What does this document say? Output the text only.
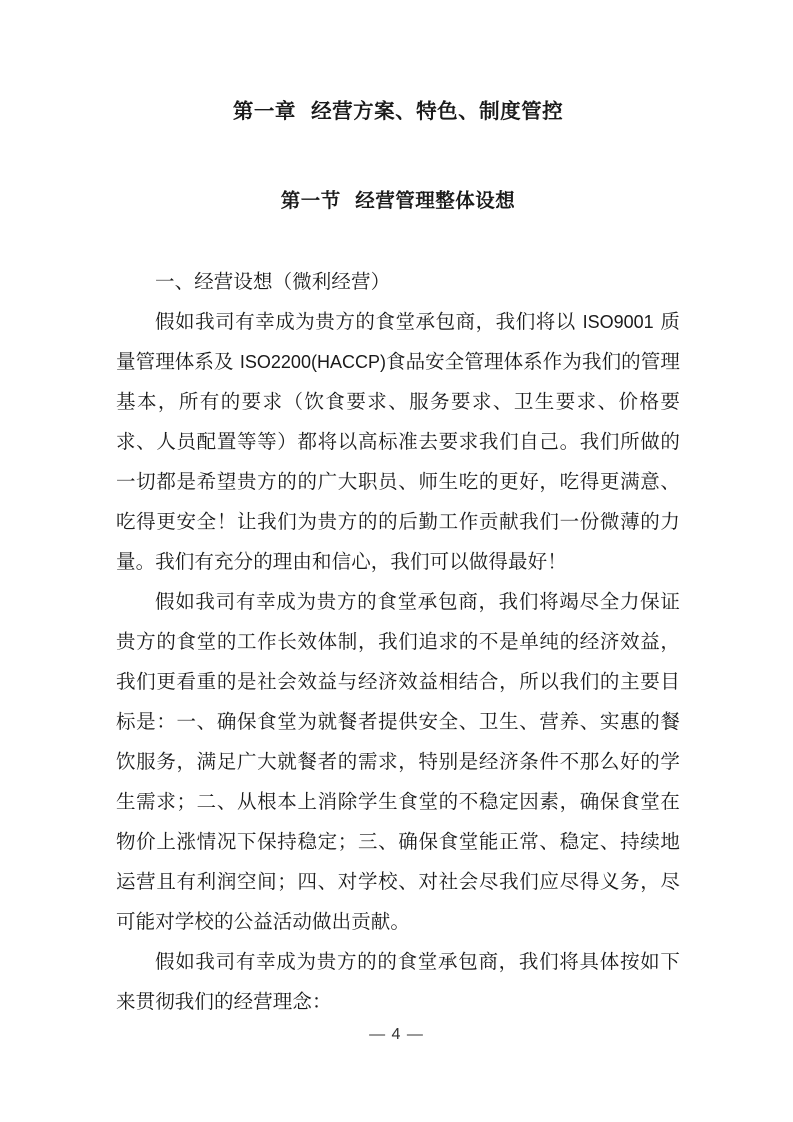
第一章  经营方案、特色、制度管控
第一节  经营管理整体设想

一、经营设想（微利经营）

假如我司有幸成为贵方的食堂承包商，我们将以 ISO9001 质量管理体系及 ISO2200(HACCP)食品安全管理体系作为我们的管理基本，所有的要求（饮食要求、服务要求、卫生要求、价格要求、人员配置等等）都将以高标准去要求我们自己。我们所做的一切都是希望贵方的的广大职员、师生吃的更好，吃得更满意、吃得更安全！让我们为贵方的的后勤工作贡献我们一份微薄的力量。我们有充分的理由和信心，我们可以做得最好！

假如我司有幸成为贵方的食堂承包商，我们将竭尽全力保证贵方的食堂的工作长效体制，我们追求的不是单纯的经济效益，我们更看重的是社会效益与经济效益相结合，所以我们的主要目标是：一、确保食堂为就餐者提供安全、卫生、营养、实惠的餐饮服务，满足广大就餐者的需求，特别是经济条件不那么好的学生需求；二、从根本上消除学生食堂的不稳定因素，确保食堂在物价上涨情况下保持稳定；三、确保食堂能正常、稳定、持续地运营且有利润空间；四、对学校、对社会尽我们应尽得义务，尽可能对学校的公益活动做出贡献。

假如我司有幸成为贵方的的食堂承包商，我们将具体按如下来贯彻我们的经营理念：

— 4 —
